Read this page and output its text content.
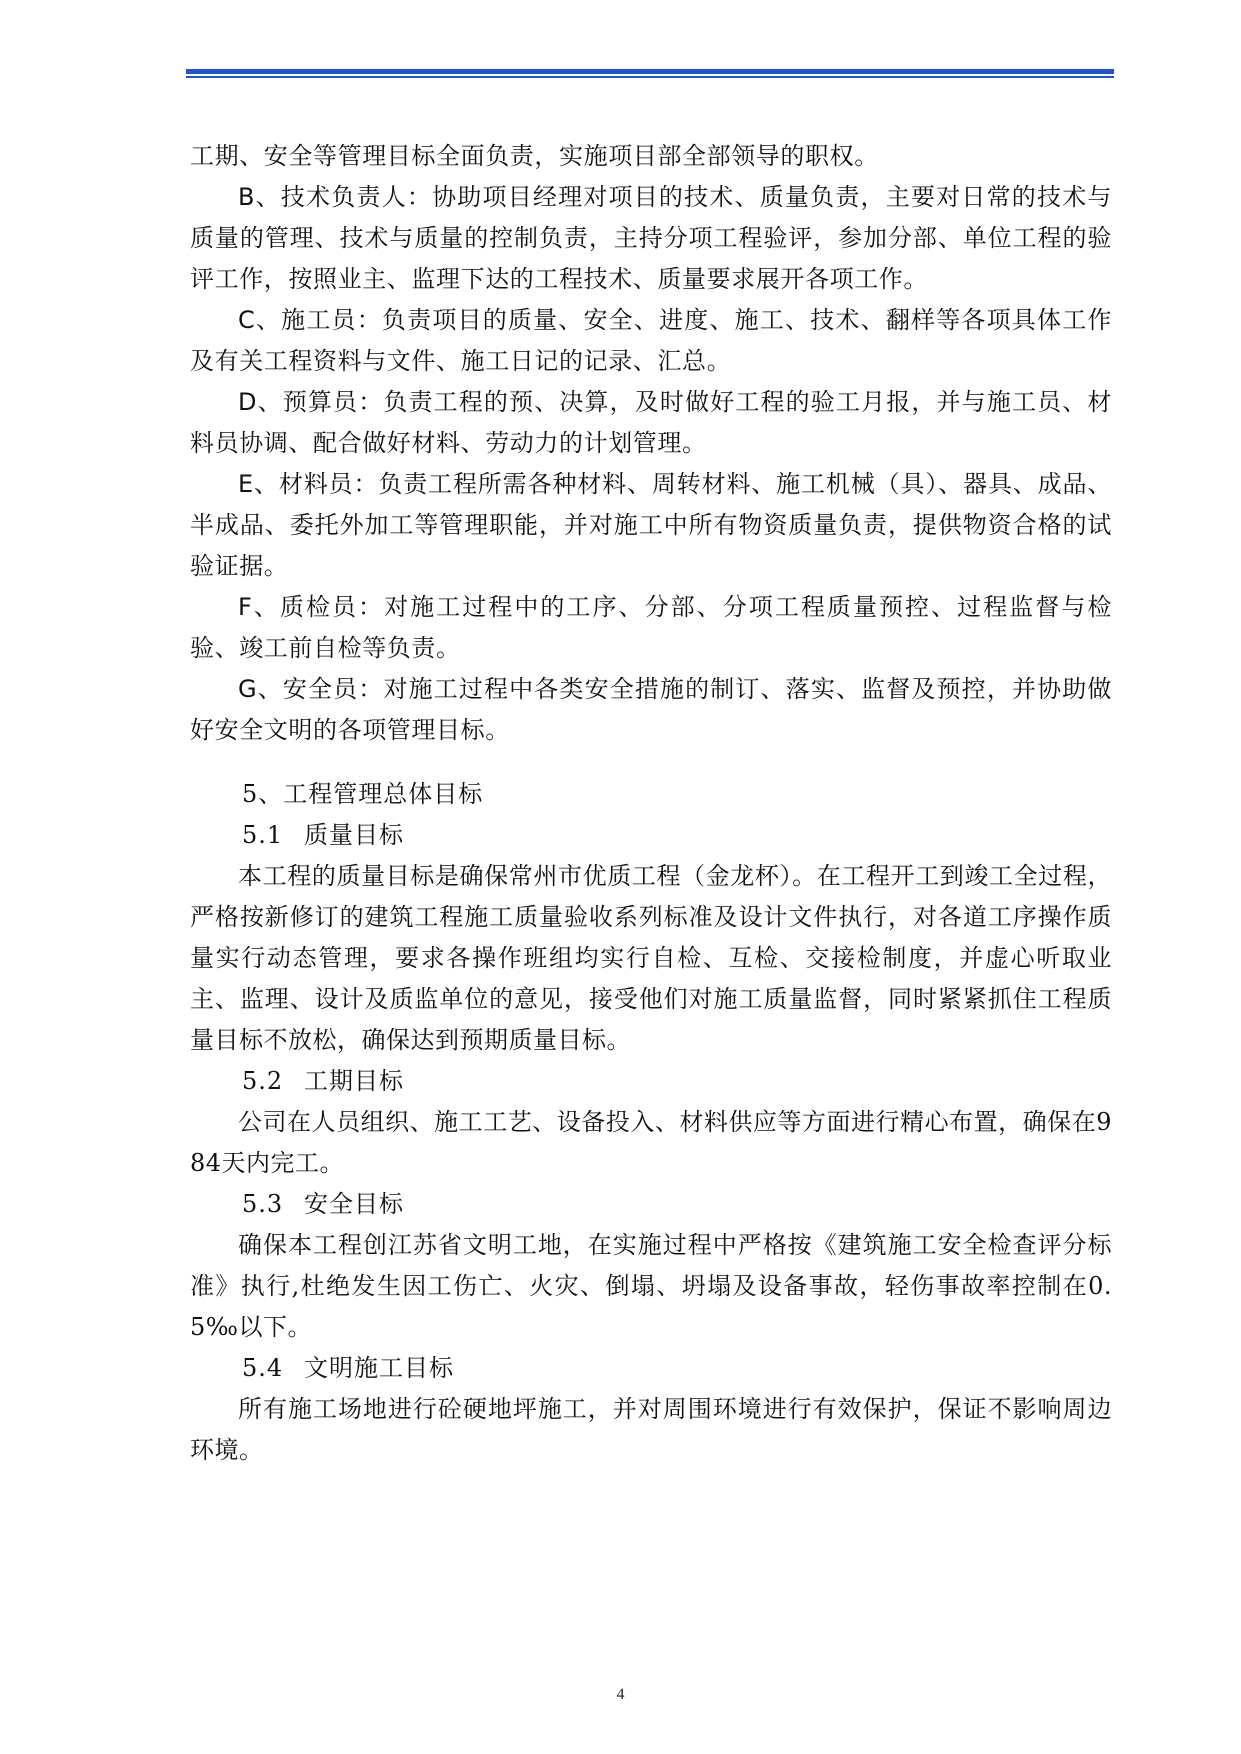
工期、安全等管理目标全面负责，实施项目部全部领导的职权。

B、技术负责人：协助项目经理对项目的技术、质量负责，主要对日常的技术与质量的管理、技术与质量的控制负责，主持分项工程验评，参加分部、单位工程的验评工作，按照业主、监理下达的工程技术、质量要求展开各项工作。

C、施工员：负责项目的质量、安全、进度、施工、技术、翻样等各项具体工作及有关工程资料与文件、施工日记的记录、汇总。

D、预算员：负责工程的预、决算，及时做好工程的验工月报，并与施工员、材料员协调、配合做好材料、劳动力的计划管理。

E、材料员：负责工程所需各种材料、周转材料、施工机械（具）、器具、成品、半成品、委托外加工等管理职能，并对施工中所有物资质量负责，提供物资合格的试验证据。

F、质检员：对施工过程中的工序、分部、分项工程质量预控、过程监督与检验、竣工前自检等负责。

G、安全员：对施工过程中各类安全措施的制订、落实、监督及预控，并协助做好安全文明的各项管理目标。

5、工程管理总体目标

5.1 质量目标

本工程的质量目标是确保常州市优质工程（金龙杯）。在工程开工到竣工全过程，严格按新修订的建筑工程施工质量验收系列标准及设计文件执行，对各道工序操作质量实行动态管理，要求各操作班组均实行自检、互检、交接检制度，并虚心听取业主、监理、设计及质监单位的意见，接受他们对施工质量监督，同时紧紧抓住工程质量目标不放松，确保达到预期质量目标。

5.2 工期目标

公司在人员组织、施工工艺、设备投入、材料供应等方面进行精心布置，确保在984天内完工。

5.3 安全目标

确保本工程创江苏省文明工地，在实施过程中严格按《建筑施工安全检查评分标准》执行,杜绝发生因工伤亡、火灾、倒塌、坍塌及设备事故，轻伤事故率控制在0.5‰以下。

5.4 文明施工目标

所有施工场地进行砼硬地坪施工，并对周围环境进行有效保护，保证不影响周边环境。

4
